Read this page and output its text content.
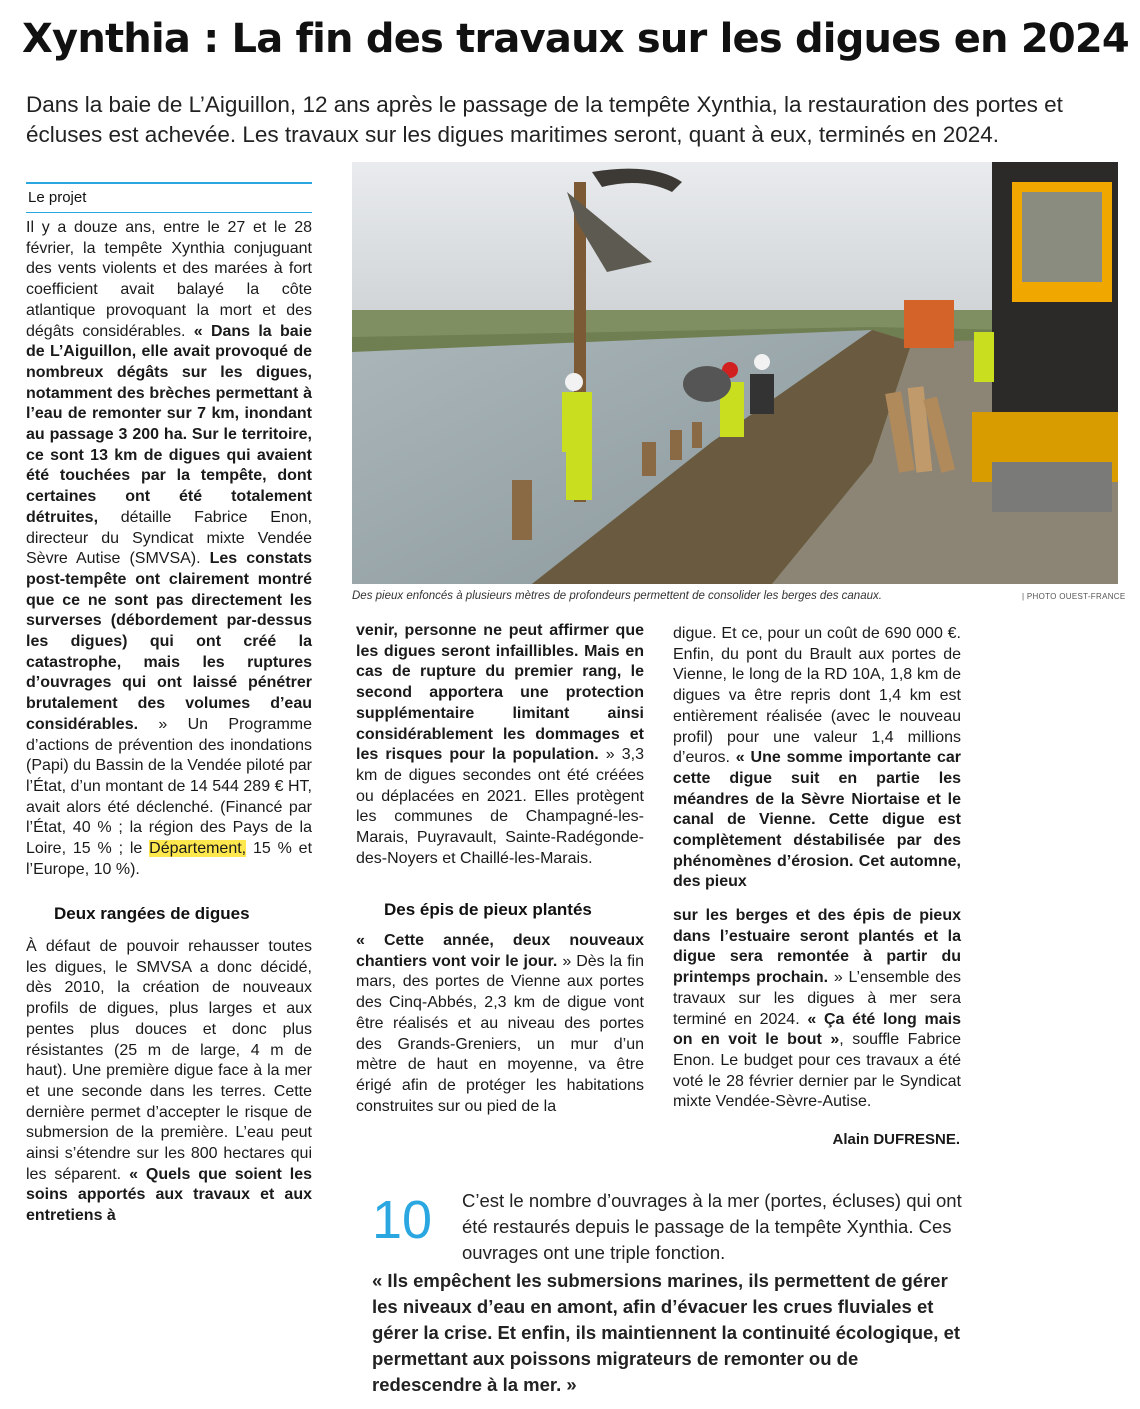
Xynthia : La fin des travaux sur les digues en 2024

Dans la baie de L’Aiguillon, 12 ans après le passage de la tempête Xynthia, la restauration des portes et écluses est achevée. Les travaux sur les digues maritimes seront, quant à eux, terminés en 2024.

Le projet

Il y a douze ans, entre le 27 et le 28 février, la tempête Xynthia conjuguant des vents violents et des marées à fort coefficient avait balayé la côte atlantique provoquant la mort et des dégâts considérables. « Dans la baie de L’Aiguillon, elle avait provoqué de nombreux dégâts sur les digues, notamment des brèches permettant à l’eau de remonter sur 7 km, inondant au passage 3 200 ha. Sur le territoire, ce sont 13 km de digues qui avaient été touchées par la tempête, dont certaines ont été totalement détruites, détaille Fabrice Enon, directeur du Syndicat mixte Vendée Sèvre Autise (SMVSA). Les constats post-tempête ont clairement montré que ce ne sont pas directement les surverses (débordement par-dessus les digues) qui ont créé la catastrophe, mais les ruptures d’ouvrages qui ont laissé pénétrer brutalement des volumes d’eau considérables. » Un Programme d’actions de prévention des inondations (Papi) du Bassin de la Vendée piloté par l’État, d’un montant de 14 544 289 € HT, avait alors été déclenché. (Financé par l’État, 40 % ; la région des Pays de la Loire, 15 % ; le Département, 15 % et l’Europe, 10 %).

Deux rangées de digues

À défaut de pouvoir rehausser toutes les digues, le SMVSA a donc décidé, dès 2010, la création de nouveaux profils de digues, plus larges et aux pentes plus douces et donc plus résistantes (25 m de large, 4 m de haut). Une première digue face à la mer et une seconde dans les terres. Cette dernière permet d’accepter le risque de submersion de la première. L’eau peut ainsi s’étendre sur les 800 hectares qui les séparent. « Quels que soient les soins apportés aux travaux et aux entretiens à

Des pieux enfoncés à plusieurs mètres de profondeurs permettent de consolider les berges des canaux.	| PHOTO OUEST-FRANCE

venir, personne ne peut affirmer que les digues seront infaillibles. Mais en cas de rupture du premier rang, le second apportera une protection supplémentaire limitant ainsi considérablement les dommages et les risques pour la population. » 3,3 km de digues secondes ont été créées ou déplacées en 2021. Elles protègent les communes de Champagné-les-Marais, Puyravault, Sainte-Radégonde-des-Noyers et Chaillé-les-Marais.

Des épis de pieux plantés

« Cette année, deux nouveaux chantiers vont voir le jour. » Dès la fin mars, des portes de Vienne aux portes des Cinq-Abbés, 2,3 km de digue vont être réalisés et au niveau des portes des Grands-Greniers, un mur d’un mètre de haut en moyenne, va être érigé afin de protéger les habitations construites sur ou pied de la

digue. Et ce, pour un coût de 690 000 €. Enfin, du pont du Brault aux portes de Vienne, le long de la RD 10A, 1,8 km de digues va être repris dont 1,4 km est entièrement réalisée (avec le nouveau profil) pour une valeur 1,4 millions d’euros. « Une somme importante car cette digue suit en partie les méandres de la Sèvre Niortaise et le canal de Vienne. Cette digue est complètement déstabilisée par des phénomènes d’érosion. Cet automne, des pieux

sur les berges et des épis de pieux dans l’estuaire seront plantés et la digue sera remontée à partir du printemps prochain. » L’ensemble des travaux sur les digues à mer sera terminé en 2024. « Ça été long mais on en voit le bout », souffle Fabrice Enon. Le budget pour ces travaux a été voté le 28 février dernier par le Syndicat mixte Vendée-Sèvre-Autise.

Alain DUFRESNE.

10 C’est le nombre d’ouvrages à la mer (portes, écluses) qui ont été restaurés depuis le passage de la tempête Xynthia. Ces ouvrages ont une triple fonction.

« Ils empêchent les submersions marines, ils permettent de gérer les niveaux d’eau en amont, afin d’évacuer les crues fluviales et gérer la crise. Et enfin, ils maintiennent la continuité écologique, et permettant aux poissons migrateurs de remonter ou de redescendre à la mer. »
